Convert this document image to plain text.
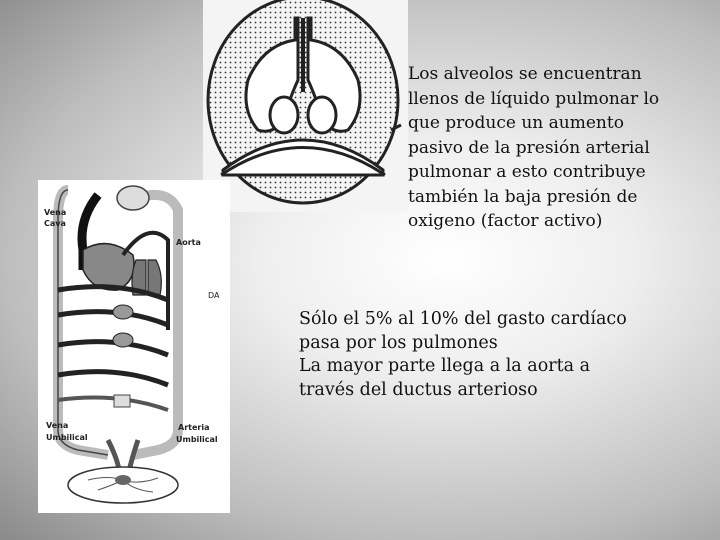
Vena
Cava
Aorta
DA
Vena
Umbilical
Arteria
Umbilical
Los alveolos se encuentran
llenos de líquido pulmonar lo
que produce un aumento
pasivo de la presión arterial
pulmonar a esto contribuye
también la baja presión de
oxigeno (factor activo)
Sólo el 5% al 10% del gasto cardíaco
pasa por los pulmones
La mayor parte llega a la aorta a
través del ductus arterioso
